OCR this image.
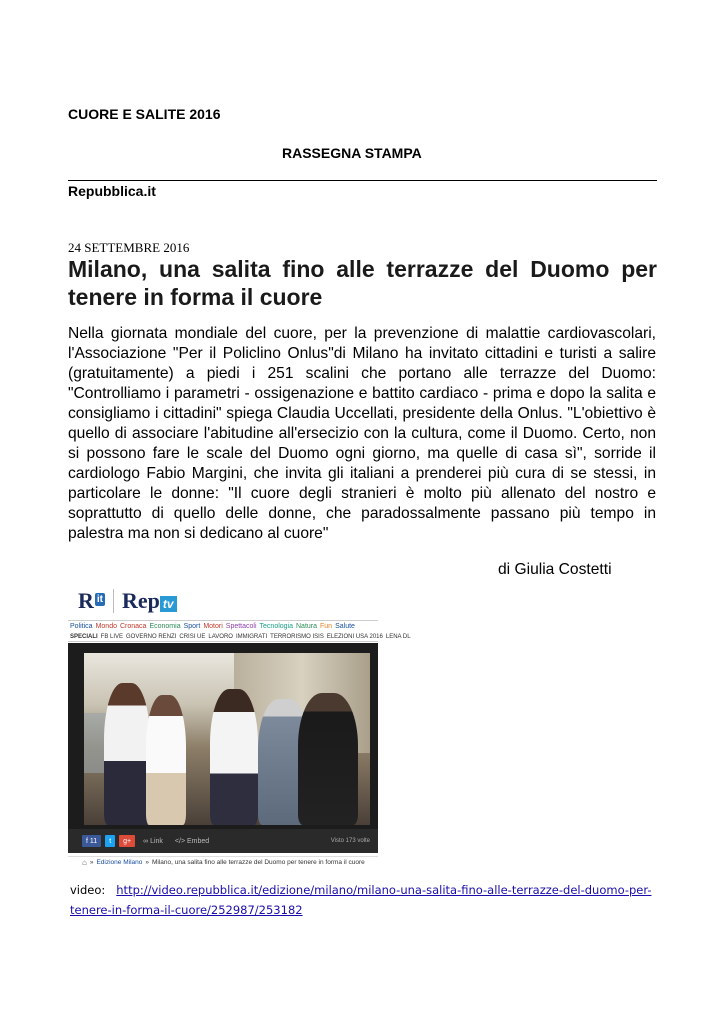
CUORE E SALITE 2016
RASSEGNA STAMPA
Repubblica.it
24 SETTEMBRE 2016
Milano, una salita fino alle terrazze del Duomo per tenere in forma il cuore
Nella giornata mondiale del cuore, per la prevenzione di malattie cardiovascolari, l'Associazione "Per il Policlino Onlus"di Milano ha invitato cittadini e turisti a salire (gratuitamente) a piedi i 251 scalini che portano alle terrazze del Duomo: "Controlliamo i parametri - ossigenazione e battito cardiaco - prima e dopo la salita e consigliamo i cittadini" spiega Claudia Uccellati, presidente della Onlus. "L'obiettivo è quello di associare l'abitudine all'ersecizio con la cultura, come il Duomo. Certo, non si possono fare le scale del Duomo ogni giorno, ma quelle di casa sì", sorride il cardiologo Fabio Margini, che invita gli italiani a prenderei più cura di se stessi, in particolare le donne: "Il cuore degli stranieri è molto più allenato del nostro e soprattutto di quello delle donne, che paradossalmente passano più tempo in palestra ma non si dedicano al cuore"
di Giulia Costetti
R $^{it}$ Rep tv
Politica Mondo Cronaca Economia Sport Motori Spettacoli Tecnologia Natura Fun Salute
SPECIALI FB LIVE GOVERNO RENZI CRISI UE LAVORO IMMIGRATI TERRORISMO ISIS ELEZIONI USA 2016 LENA DL
f
11	t	g+	∞
Link </>
Embed	Visto 173 volte
⌂ » Edizione Milano » Milano, una salita fino alle terrazze del Duomo per tenere in forma il cuore
video: http://video.repubblica.it/edizione/milano/milano-una-salita-fino-alle-terrazze-del-duomo-per-tenere-in-forma-il-cuore/252987/253182
